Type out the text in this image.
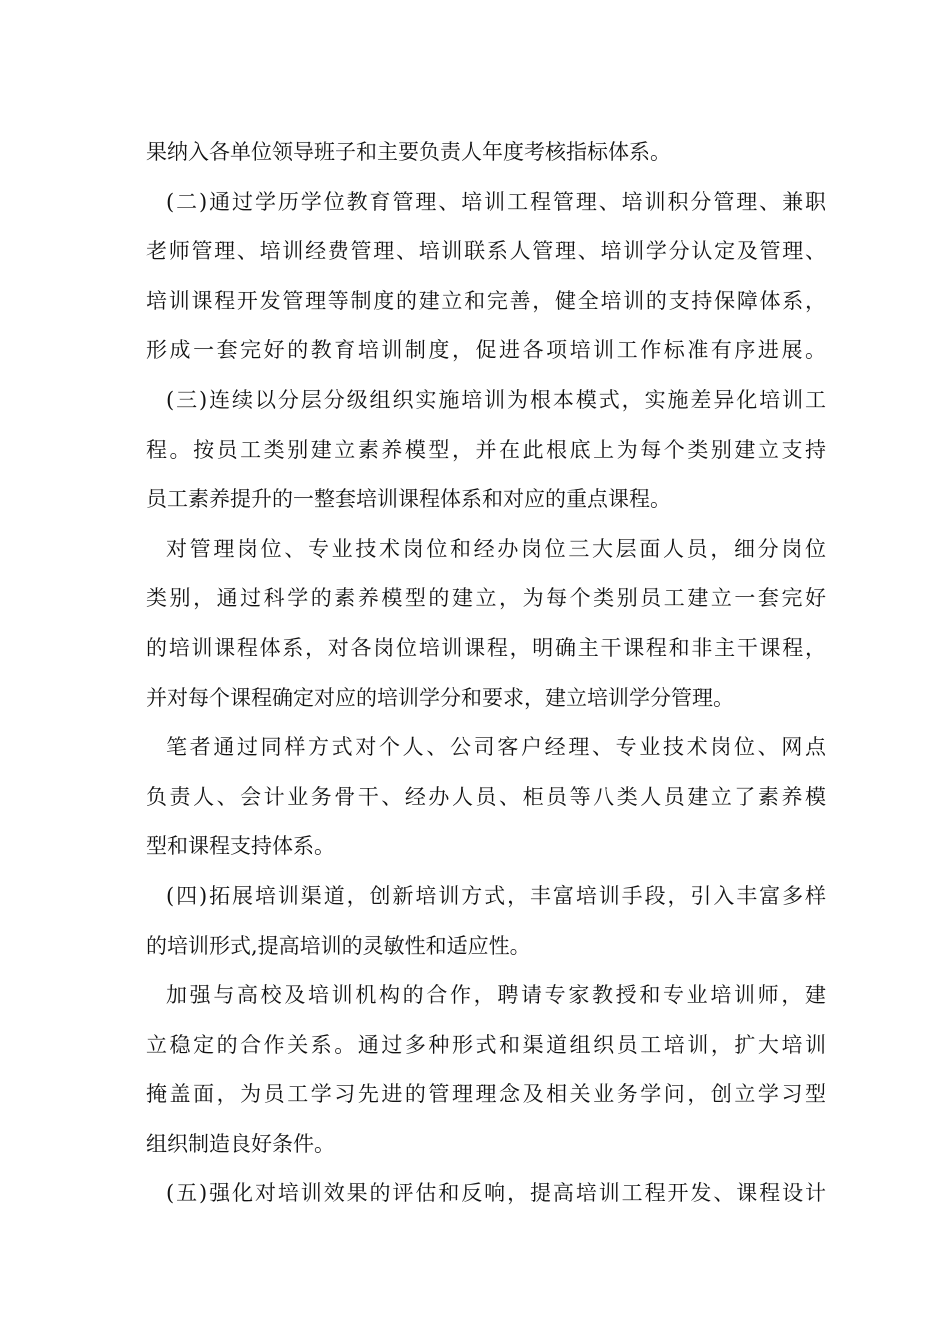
果纳入各单位领导班子和主要负责人年度考核指标体系。
(二)通过学历学位教育管理、培训工程管理、培训积分管理、兼职
老师管理、培训经费管理、培训联系人管理、培训学分认定及管理、
培训课程开发管理等制度的建立和完善，健全培训的支持保障体系，
形成一套完好的教育培训制度，促进各项培训工作标准有序进展。
(三)连续以分层分级组织实施培训为根本模式，实施差异化培训工
程。按员工类别建立素养模型，并在此根底上为每个类别建立支持
员工素养提升的一整套培训课程体系和对应的重点课程。
对管理岗位、专业技术岗位和经办岗位三大层面人员，细分岗位
类别，通过科学的素养模型的建立，为每个类别员工建立一套完好
的培训课程体系，对各岗位培训课程，明确主干课程和非主干课程，
并对每个课程确定对应的培训学分和要求，建立培训学分管理。
笔者通过同样方式对个人、公司客户经理、专业技术岗位、网点
负责人、会计业务骨干、经办人员、柜员等八类人员建立了素养模
型和课程支持体系。
(四)拓展培训渠道，创新培训方式，丰富培训手段，引入丰富多样
的培训形式,提高培训的灵敏性和适应性。
加强与高校及培训机构的合作，聘请专家教授和专业培训师，建
立稳定的合作关系。通过多种形式和渠道组织员工培训，扩大培训
掩盖面，为员工学习先进的管理理念及相关业务学问，创立学习型
组织制造良好条件。
(五)强化对培训效果的评估和反响，提高培训工程开发、课程设计
